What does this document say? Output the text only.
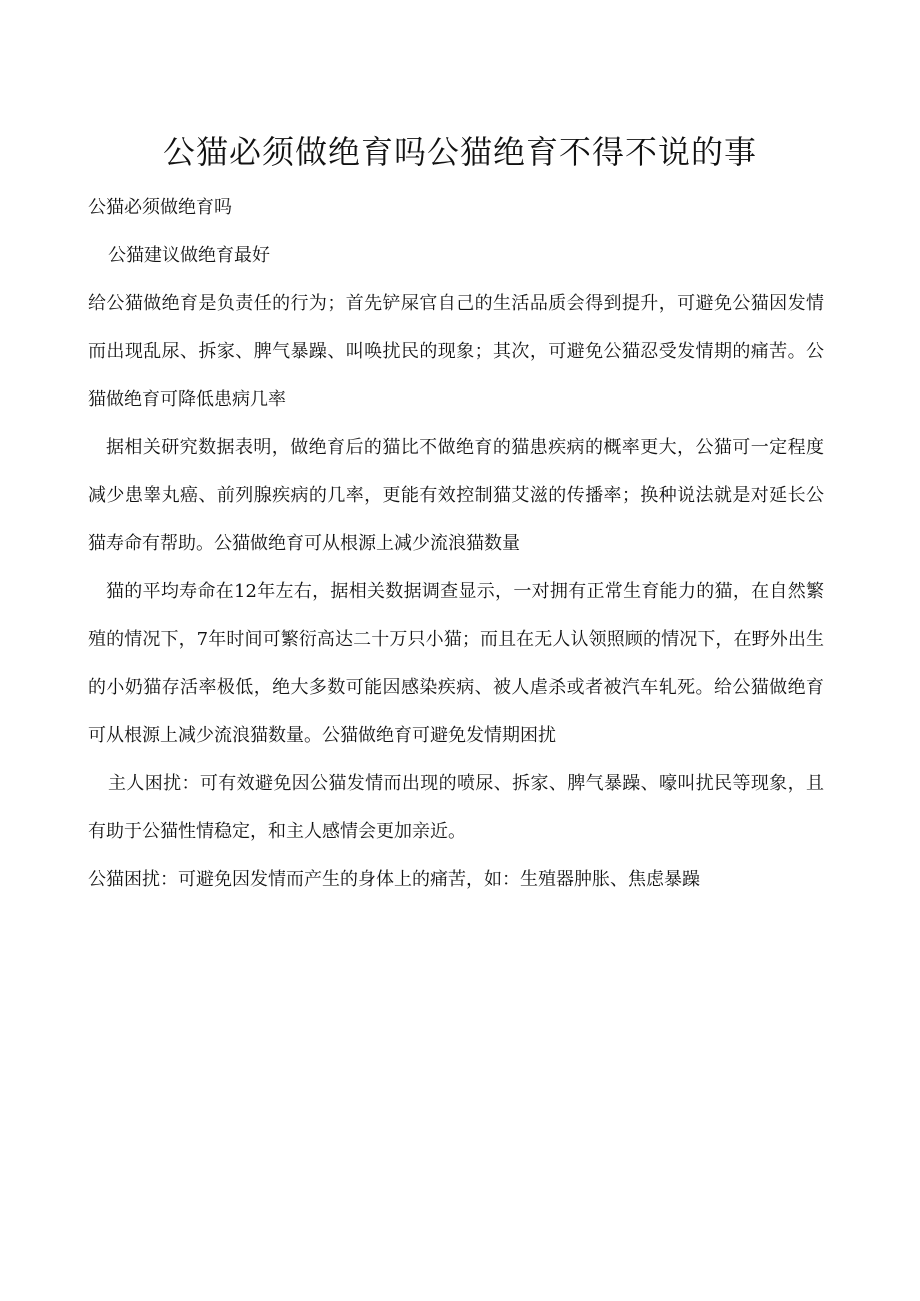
公猫必须做绝育吗公猫绝育不得不说的事

公猫必须做绝育吗

公猫建议做绝育最好

给公猫做绝育是负责任的行为；首先铲屎官自己的生活品质会得到提升，可避免公猫因发情而出现乱尿、拆家、脾气暴躁、叫唤扰民的现象；其次，可避免公猫忍受发情期的痛苦。公猫做绝育可降低患病几率

据相关研究数据表明，做绝育后的猫比不做绝育的猫患疾病的概率更大，公猫可一定程度减少患睾丸癌、前列腺疾病的几率，更能有效控制猫艾滋的传播率；换种说法就是对延长公猫寿命有帮助。公猫做绝育可从根源上减少流浪猫数量

猫的平均寿命在12年左右，据相关数据调查显示，一对拥有正常生育能力的猫，在自然繁殖的情况下，7年时间可繁衍高达二十万只小猫；而且在无人认领照顾的情况下，在野外出生的小奶猫存活率极低，绝大多数可能因感染疾病、被人虐杀或者被汽车轧死。给公猫做绝育可从根源上减少流浪猫数量。公猫做绝育可避免发情期困扰

主人困扰：可有效避免因公猫发情而出现的喷尿、拆家、脾气暴躁、嚎叫扰民等现象，且有助于公猫性情稳定，和主人感情会更加亲近。

公猫困扰：可避免因发情而产生的身体上的痛苦，如：生殖器肿胀、焦虑暴躁
